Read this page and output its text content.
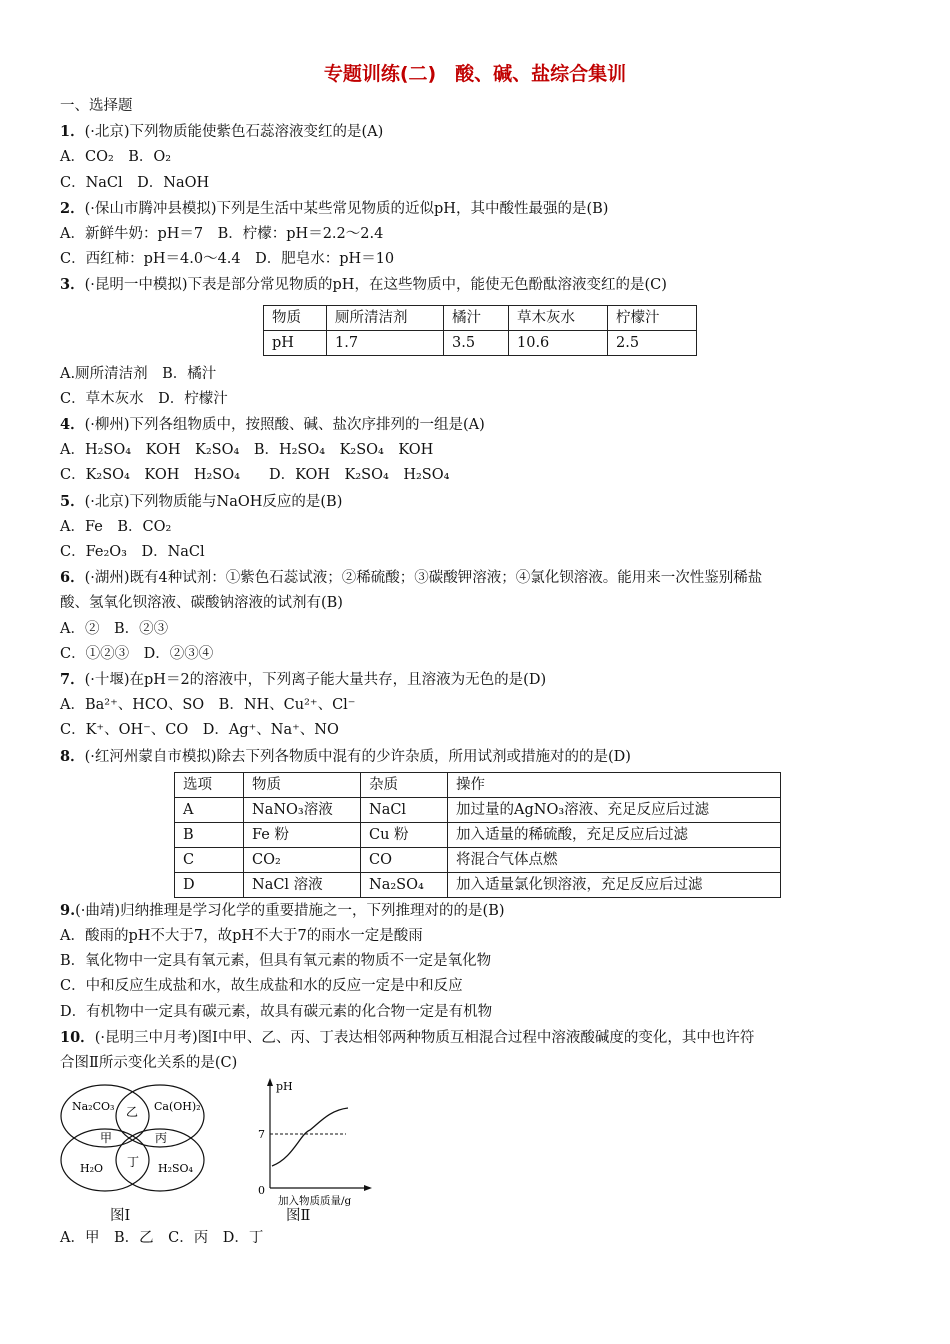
专题训练(二)　酸、碱、盐综合集训
一、选择题
1．(·北京)下列物质能使紫色石蕊溶液变红的是(A)
A．CO₂　B．O₂
C．NaCl　D．NaOH
2．(·保山市腾冲县模拟)下列是生活中某些常见物质的近似pH，其中酸性最强的是(B)
A．新鲜牛奶：pH＝7　B．柠檬：pH＝2.2～2.4
C．西红柿：pH＝4.0～4.4　D．肥皂水：pH＝10
3．(·昆明一中模拟)下表是部分常见物质的pH，在这些物质中，能使无色酚酞溶液变红的是(C)
物质	厕所清洁剂	橘汁	草木灰水	柠檬汁
pH	1.7	3.5	10.6	2.5
A.厕所清洁剂　B．橘汁
C．草木灰水　D．柠檬汁
4．(·柳州)下列各组物质中，按照酸、碱、盐次序排列的一组是(A)
A．H₂SO₄　KOH　K₂SO₄　B．H₂SO₄　K₂SO₄　KOH
C．K₂SO₄　KOH　H₂SO₄　　D．KOH　K₂SO₄　H₂SO₄
5．(·北京)下列物质能与NaOH反应的是(B)
A．Fe　B．CO₂
C．Fe₂O₃　D．NaCl
6．(·湖州)既有4种试剂：①紫色石蕊试液；②稀硫酸；③碳酸钾溶液；④氯化钡溶液。能用来一次性鉴别稀盐
酸、氢氧化钡溶液、碳酸钠溶液的试剂有(B)
A．②　B．②③
C．①②③　D．②③④
7．(·十堰)在pH＝2的溶液中，下列离子能大量共存，且溶液为无色的是(D)
A．Ba²⁺、HCO、SO　B．NH、Cu²⁺、Cl⁻
C．K⁺、OH⁻、CO　D．Ag⁺、Na⁺、NO
8．(·红河州蒙自市模拟)除去下列各物质中混有的少许杂质，所用试剂或措施对的的是(D)
选项	物质	杂质	操作
A	NaNO₃溶液	NaCl	加过量的AgNO₃溶液、充足反应后过滤
B	Fe 粉	Cu 粉	加入适量的稀硫酸，充足反应后过滤
C	CO₂	CO	将混合气体点燃
D	NaCl 溶液	Na₂SO₄	加入适量氯化钡溶液，充足反应后过滤
9.(·曲靖)归纳推理是学习化学的重要措施之一，下列推理对的的是(B)
A．酸雨的pH不大于7，故pH不大于7的雨水一定是酸雨
B．氧化物中一定具有氧元素，但具有氧元素的物质不一定是氧化物
C．中和反应生成盐和水，故生成盐和水的反应一定是中和反应
D．有机物中一定具有碳元素，故具有碳元素的化合物一定是有机物
10．(·昆明三中月考)图Ⅰ中甲、乙、丙、丁表达相邻两种物质互相混合过程中溶液酸碱度的变化，其中也许符
合图Ⅱ所示变化关系的是(C)
Na₂CO₃	Ca(OH)₂
H₂O	H₂SO₄
乙
甲	丙
丁
pH
7
0
加入物质质量/g
图Ⅰ	图Ⅱ
A．甲　B．乙　C．丙　D．丁
